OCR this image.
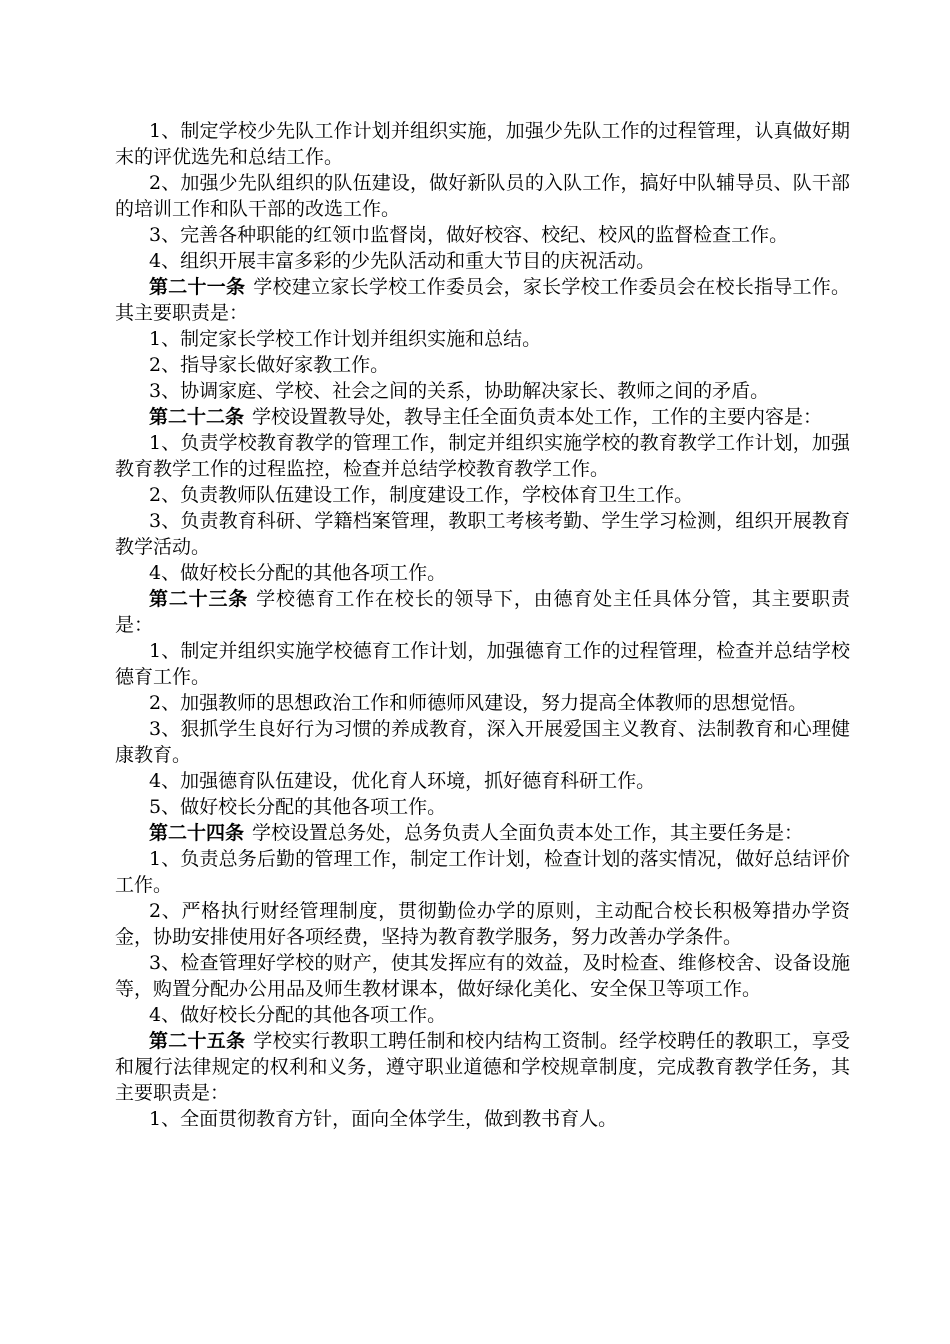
1、制定学校少先队工作计划并组织实施，加强少先队工作的过程管理，认真做好期末的评优选先和总结工作。

2、加强少先队组织的队伍建设，做好新队员的入队工作，搞好中队辅导员、队干部的培训工作和队干部的改选工作。

3、完善各种职能的红领巾监督岗，做好校容、校纪、校风的监督检查工作。

4、组织开展丰富多彩的少先队活动和重大节目的庆祝活动。

第二十一条 学校建立家长学校工作委员会，家长学校工作委员会在校长指导工作。其主要职责是：

1、制定家长学校工作计划并组织实施和总结。

2、指导家长做好家教工作。

3、协调家庭、学校、社会之间的关系，协助解决家长、教师之间的矛盾。

第二十二条 学校设置教导处，教导主任全面负责本处工作，工作的主要内容是：

1、负责学校教育教学的管理工作，制定并组织实施学校的教育教学工作计划，加强教育教学工作的过程监控，检查并总结学校教育教学工作。

2、负责教师队伍建设工作，制度建设工作，学校体育卫生工作。

3、负责教育科研、学籍档案管理，教职工考核考勤、学生学习检测，组织开展教育教学活动。

4、做好校长分配的其他各项工作。

第二十三条 学校德育工作在校长的领导下，由德育处主任具体分管，其主要职责是：

1、制定并组织实施学校德育工作计划，加强德育工作的过程管理，检查并总结学校德育工作。

2、加强教师的思想政治工作和师德师风建设，努力提高全体教师的思想觉悟。

3、狠抓学生良好行为习惯的养成教育，深入开展爱国主义教育、法制教育和心理健康教育。

4、加强德育队伍建设，优化育人环境，抓好德育科研工作。

5、做好校长分配的其他各项工作。

第二十四条 学校设置总务处，总务负责人全面负责本处工作，其主要任务是：

1、负责总务后勤的管理工作，制定工作计划，检查计划的落实情况，做好总结评价工作。

2、严格执行财经管理制度，贯彻勤俭办学的原则，主动配合校长积极筹措办学资金，协助安排使用好各项经费，坚持为教育教学服务，努力改善办学条件。

3、检查管理好学校的财产，使其发挥应有的效益，及时检查、维修校舍、设备设施等，购置分配办公用品及师生教材课本，做好绿化美化、安全保卫等项工作。

4、做好校长分配的其他各项工作。

第二十五条 学校实行教职工聘任制和校内结构工资制。经学校聘任的教职工，享受和履行法律规定的权利和义务，遵守职业道德和学校规章制度，完成教育教学任务，其主要职责是：

1、全面贯彻教育方针，面向全体学生，做到教书育人。
